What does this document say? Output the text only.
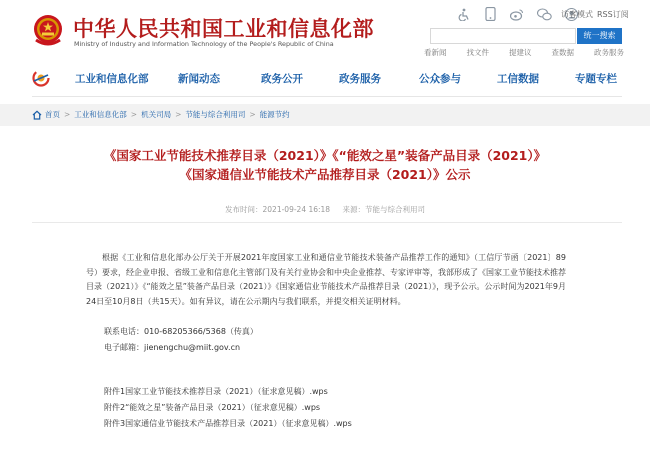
中华人民共和国工业和信息化部
Ministry of Industry and Information Technology of the People's Republic of China
访客模式 RSS订阅
统一搜索
看新闻	找文件	提建议	查数据	政务服务
工业和信息化部	新闻动态	政务公开	政务服务	公众参与	工信数据	专题专栏
首页 > 工业和信息化部 > 机关司局 > 节能与综合利用司 > 能源节约
《国家工业节能技术推荐目录（2021）》《“能效之星”装备产品目录（2021）》
《国家通信业节能技术产品推荐目录（2021）》公示
发布时间：2021-09-24 16:18 来源：节能与综合利用司
根据《工业和信息化部办公厅关于开展2021年度国家工业和通信业节能技术装备产品推荐工作的通知》（工信厅节函〔2021〕89号）要求，经企业申报、省级工业和信息化主管部门及有关行业协会和中央企业推荐、专家评审等，我部形成了《国家工业节能技术推荐目录（2021）》《“能效之星”装备产品目录（2021）》《国家通信业节能技术产品推荐目录（2021）》，现予公示。公示时间为2021年9月24日至10月8日（共15天）。如有异议，请在公示期内与我们联系，并提交相关证明材料。
联系电话：010-68205366/5368（传真）
电子邮箱：jienengchu@miit.gov.cn
附件1国家工业节能技术推荐目录（2021）（征求意见稿）.wps
附件2“能效之星”装备产品目录（2021）（征求意见稿）.wps
附件3国家通信业节能技术产品推荐目录（2021）（征求意见稿）.wps
